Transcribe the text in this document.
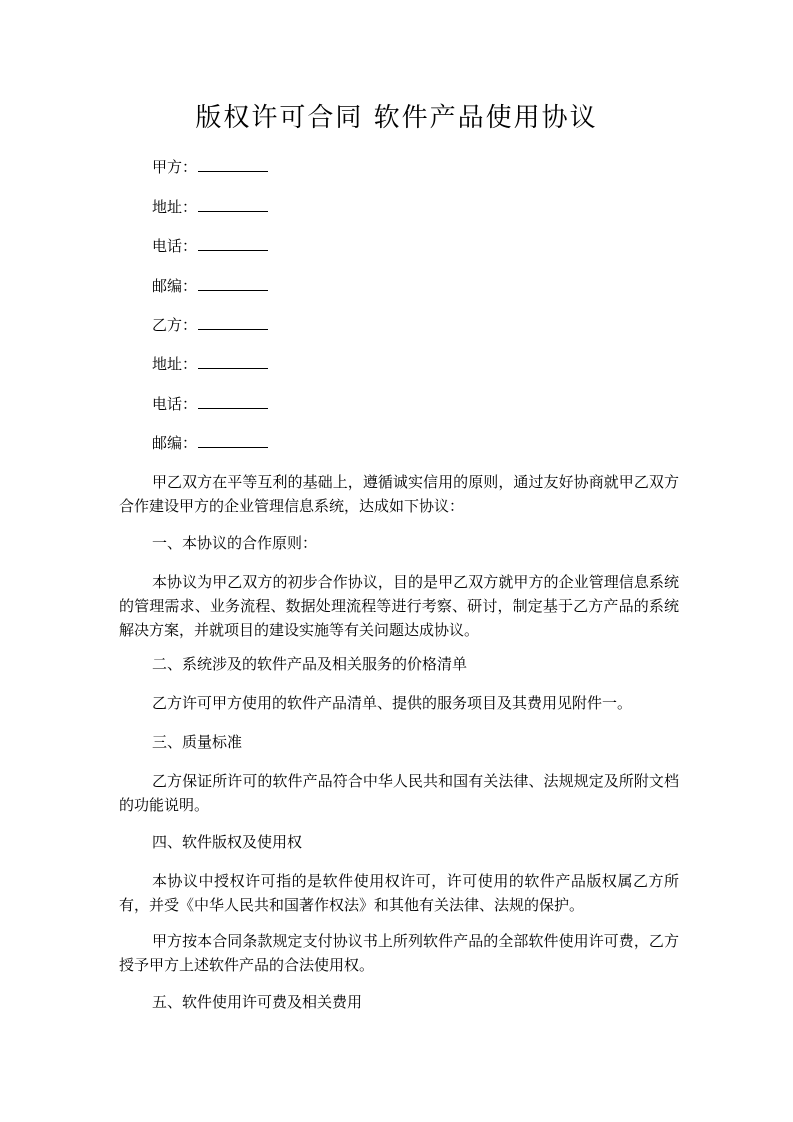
版权许可合同 软件产品使用协议
甲方：
地址：
电话：
邮编：
乙方：
地址：
电话：
邮编：

甲乙双方在平等互利的基础上，遵循诚实信用的原则，通过友好协商就甲乙双方合作建设甲方的企业管理信息系统，达成如下协议：

一、本协议的合作原则：

本协议为甲乙双方的初步合作协议，目的是甲乙双方就甲方的企业管理信息系统的管理需求、业务流程、数据处理流程等进行考察、研讨，制定基于乙方产品的系统解决方案，并就项目的建设实施等有关问题达成协议。

二、系统涉及的软件产品及相关服务的价格清单

乙方许可甲方使用的软件产品清单、提供的服务项目及其费用见附件一。

三、质量标准

乙方保证所许可的软件产品符合中华人民共和国有关法律、法规规定及所附文档的功能说明。

四、软件版权及使用权

本协议中授权许可指的是软件使用权许可，许可使用的软件产品版权属乙方所有，并受《中华人民共和国著作权法》和其他有关法律、法规的保护。

甲方按本合同条款规定支付协议书上所列软件产品的全部软件使用许可费，乙方授予甲方上述软件产品的合法使用权。

五、软件使用许可费及相关费用
